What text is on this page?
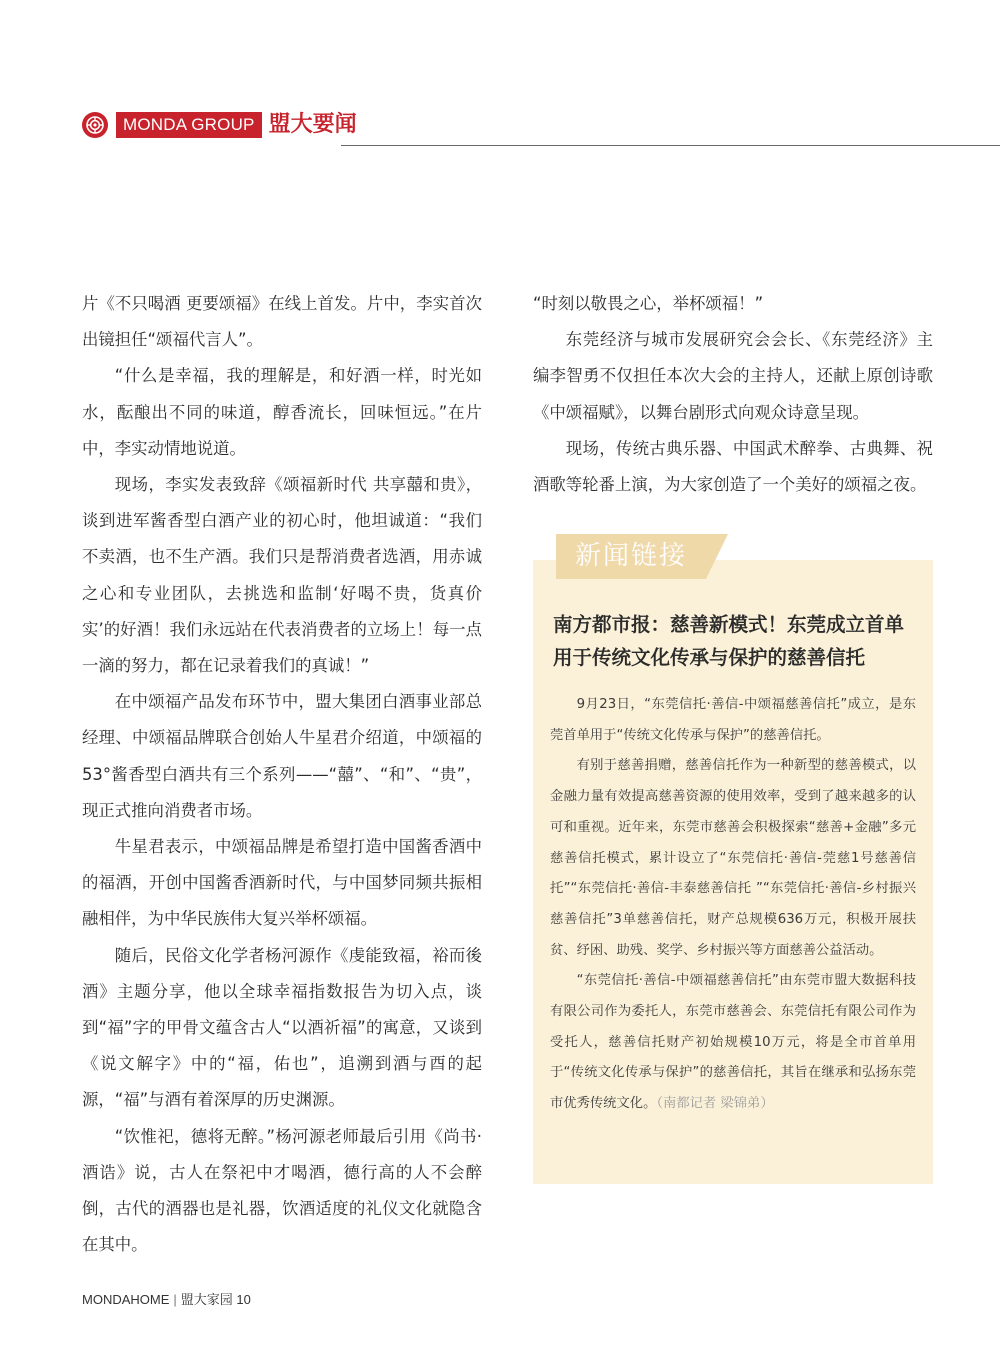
MONDA GROUP 盟大要闻

片《不只喝酒 更要颂福》在线上首发。片中，李实首次出镜担任“颂福代言人”。

“什么是幸福，我的理解是，和好酒一样，时光如水，酝酿出不同的味道，醇香流长，回味恒远。”在片中，李实动情地说道。

现场，李实发表致辞《颂福新时代 共享囍和贵》，谈到进军酱香型白酒产业的初心时，他坦诚道：“我们不卖酒，也不生产酒。我们只是帮消费者选酒，用赤诚之心和专业团队，去挑选和监制‘好喝不贵，货真价实’的好酒！我们永远站在代表消费者的立场上！每一点一滴的努力，都在记录着我们的真诚！”

在中颂福产品发布环节中，盟大集团白酒事业部总经理、中颂福品牌联合创始人牛星君介绍道，中颂福的53°酱香型白酒共有三个系列——“囍”、“和”、“贵”，现正式推向消费者市场。

牛星君表示，中颂福品牌是希望打造中国酱香酒中的福酒，开创中国酱香酒新时代，与中国梦同频共振相融相伴，为中华民族伟大复兴举杯颂福。

随后，民俗文化学者杨河源作《虔能致福，裕而後酒》主题分享，他以全球幸福指数报告为切入点，谈到“福”字的甲骨文蕴含古人“以酒祈福”的寓意，又谈到《说文解字》中的“福，佑也”，追溯到酒与酉的起源，“福”与酒有着深厚的历史渊源。

“饮惟祀，德将无醉。”杨河源老师最后引用《尚书·酒诰》说，古人在祭祀中才喝酒，德行高的人不会醉倒，古代的酒器也是礼器，饮酒适度的礼仪文化就隐含在其中。

“时刻以敬畏之心，举杯颂福！”

东莞经济与城市发展研究会会长、《东莞经济》主编李智勇不仅担任本次大会的主持人，还献上原创诗歌《中颂福赋》，以舞台剧形式向观众诗意呈现。

现场，传统古典乐器、中国武术醉拳、古典舞、祝酒歌等轮番上演，为大家创造了一个美好的颂福之夜。

新闻链接
南方都市报：慈善新模式！东莞成立首单用于传统文化传承与保护的慈善信托

9月23日，“东莞信托·善信-中颂福慈善信托”成立，是东莞首单用于“传统文化传承与保护”的慈善信托。

有别于慈善捐赠，慈善信托作为一种新型的慈善模式，以金融力量有效提高慈善资源的使用效率，受到了越来越多的认可和重视。近年来，东莞市慈善会积极探索“慈善+金融”多元慈善信托模式，累计设立了“东莞信托·善信-莞慈1号慈善信托”“东莞信托·善信-丰泰慈善信托 ”“东莞信托·善信-乡村振兴慈善信托”3单慈善信托，财产总规模636万元，积极开展扶贫、纾困、助残、奖学、乡村振兴等方面慈善公益活动。

“东莞信托·善信-中颂福慈善信托”由东莞市盟大数据科技有限公司作为委托人，东莞市慈善会、东莞信托有限公司作为受托人，慈善信托财产初始规模10万元，将是全市首单用于“传统文化传承与保护”的慈善信托，其旨在继承和弘扬东莞市优秀传统文化。（南都记者 梁锦弟）

MONDAHOME | 盟大家园 10
